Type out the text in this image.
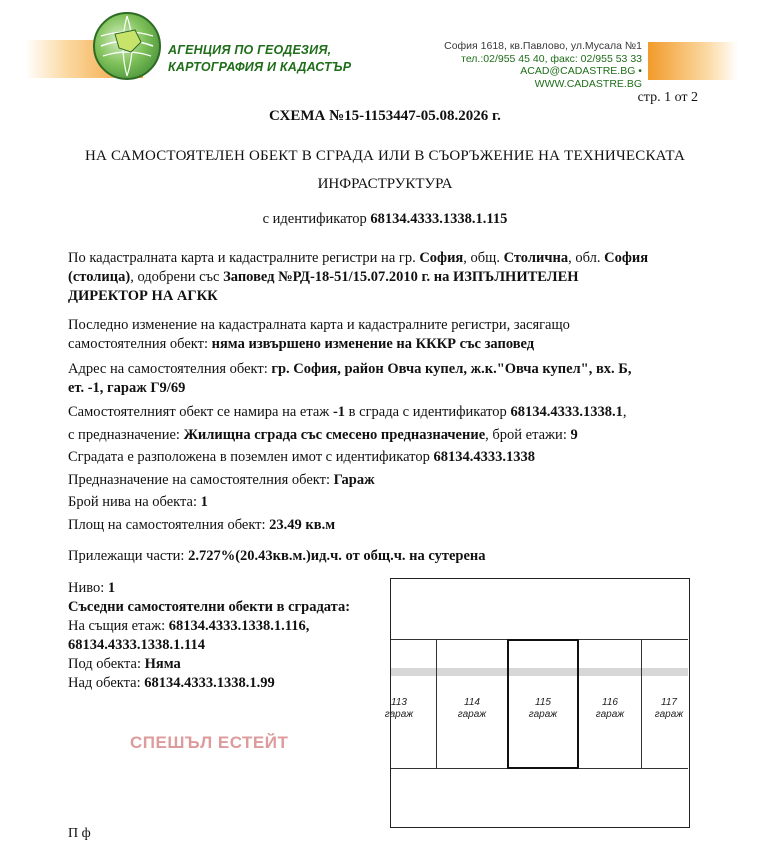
АГЕНЦИЯ ПО ГЕОДЕЗИЯ,
КАРТОГРАФИЯ И КАДАСТЪР
София 1618, кв.Павлово, ул.Мусала №1
тел.:02/955 45 40, факс: 02/955 53 33
ACAD@CADASTRE.BG • WWW.CADASTRE.BG
стр. 1 от 2
СХЕМА №15-1153447-05.08.2026 г.
НА САМОСТОЯТЕЛЕН ОБЕКТ В СГРАДА ИЛИ В СЪОРЪЖЕНИЕ НА ТЕХНИЧЕСКАТА
ИНФРАСТРУКТУРА
с идентификатор 68134.4333.1338.1.115
По кадастралната карта и кадастралните регистри на гр. София, общ. Столична, обл. София
(столица), одобрени със Заповед №РД-18-51/15.07.2010 г. на ИЗПЪЛНИТЕЛЕН
ДИРЕКТОР НА АГКК
Последно изменение на кадастралната карта и кадастралните регистри, засягащо
самостоятелния обект: няма извършено изменение на КККР със заповед
Адрес на самостоятелния обект: гр. София, район Овча купел, ж.к."Овча купел", вх. Б,
ет. -1, гараж Г9/69
Самостоятелният обект се намира на етаж -1 в сграда с идентификатор 68134.4333.1338.1,
с предназначение: Жилищна сграда със смесено предназначение, брой етажи: 9
Сградата е разположена в поземлен имот с идентификатор 68134.4333.1338
Предназначение на самостоятелния обект: Гараж
Брой нива на обекта: 1
Площ на самостоятелния обект: 23.49 кв.м
Прилежащи части: 2.727%(20.43кв.м.)ид.ч. от общ.ч. на сутерена
Ниво: 1
Съседни самостоятелни обекти в сградата:
На същия етаж: 68134.4333.1338.1.116,
68134.4333.1338.1.114
Под обекта: Няма
Над обекта: 68134.4333.1338.1.99
113
гараж
114
гараж
115
гараж
116
гараж
117
гараж
СПЕШЪЛ ЕСТЕЙТ
П ф
